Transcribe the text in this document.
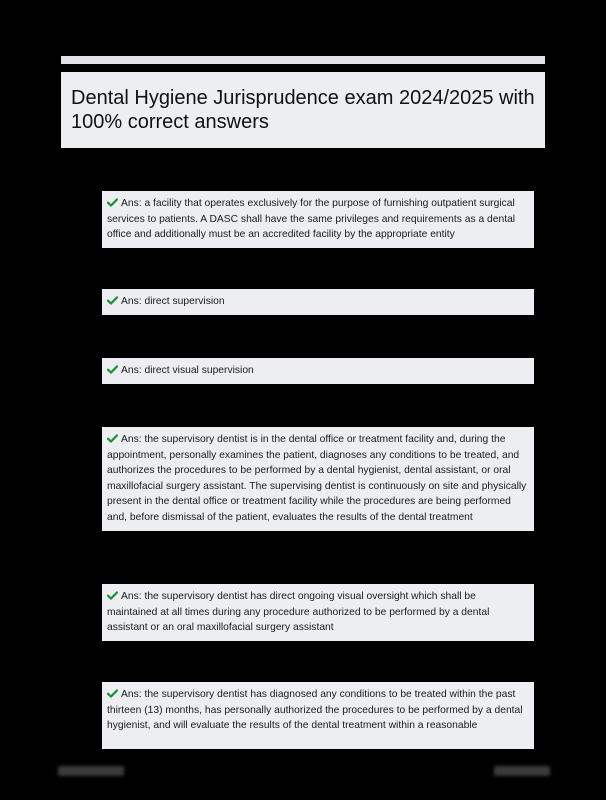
Dental Hygiene Jurisprudence exam 2024/2025 with 100% correct answers
Ans: a facility that operates exclusively for the purpose of furnishing outpatient surgical services to patients. A DASC shall have the same privileges and requirements as a dental office and additionally must be an accredited facility by the appropriate entity
Ans: direct supervision
Ans: direct visual supervision
Ans: the supervisory dentist is in the dental office or treatment facility and, during the appointment, personally examines the patient, diagnoses any conditions to be treated, and authorizes the procedures to be performed by a dental hygienist, dental assistant, or oral maxillofacial surgery assistant. The supervising dentist is continuously on site and physically present in the dental office or treatment facility while the procedures are being performed and, before dismissal of the patient, evaluates the results of the dental treatment
Ans: the supervisory dentist has direct ongoing visual oversight which shall be maintained at all times during any procedure authorized to be performed by a dental assistant or an oral maxillofacial surgery assistant
Ans: the supervisory dentist has diagnosed any conditions to be treated within the past thirteen (13) months, has personally authorized the procedures to be performed by a dental hygienist, and will evaluate the results of the dental treatment within a reasonable
